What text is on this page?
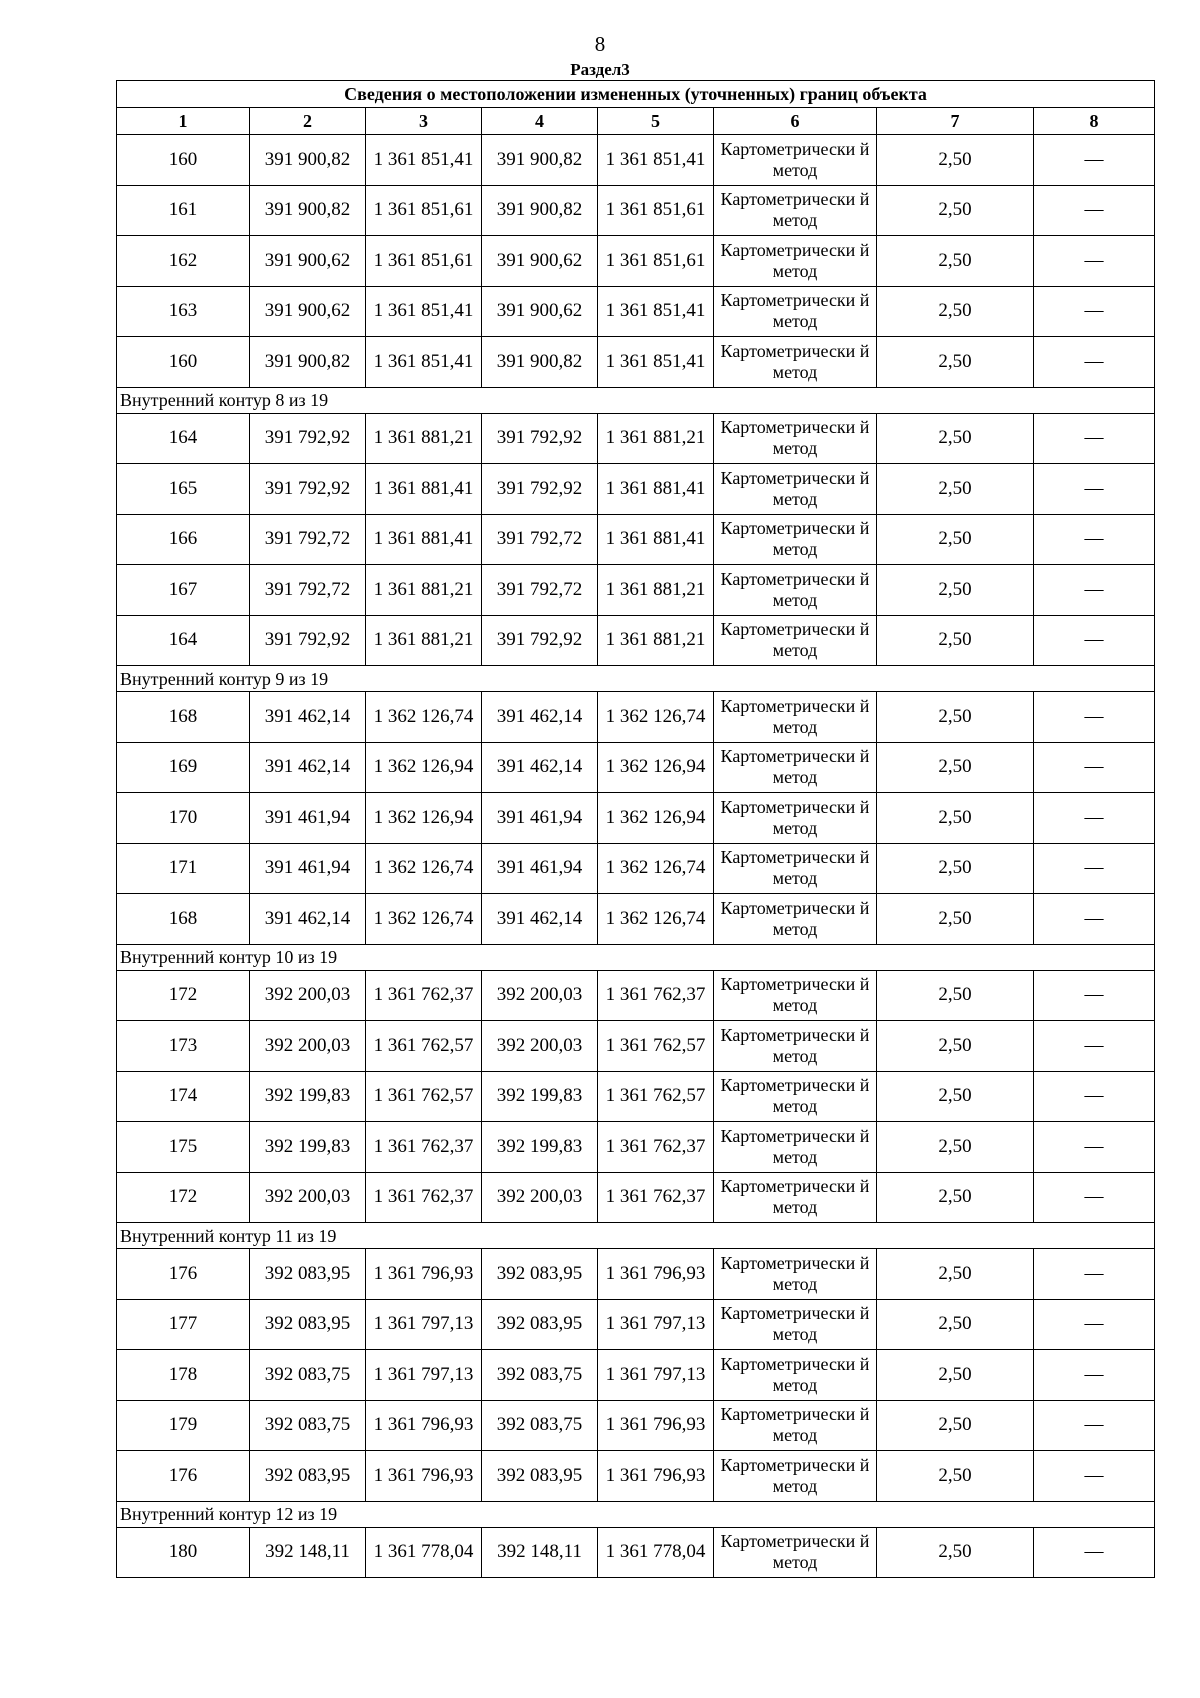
8
Раздел3
Сведения о местоположении измененных (уточненных) границ объекта							
1	2	3	4	5	6	7	8
160	391 900,82	1 361 851,41	391 900,82	1 361 851,41	Картометрически й метод	2,50	—
161	391 900,82	1 361 851,61	391 900,82	1 361 851,61	Картометрически й метод	2,50	—
162	391 900,62	1 361 851,61	391 900,62	1 361 851,61	Картометрически й метод	2,50	—
163	391 900,62	1 361 851,41	391 900,62	1 361 851,41	Картометрически й метод	2,50	—
160	391 900,82	1 361 851,41	391 900,82	1 361 851,41	Картометрически й метод	2,50	—
Внутренний контур 8 из 19							
164	391 792,92	1 361 881,21	391 792,92	1 361 881,21	Картометрически й метод	2,50	—
165	391 792,92	1 361 881,41	391 792,92	1 361 881,41	Картометрически й метод	2,50	—
166	391 792,72	1 361 881,41	391 792,72	1 361 881,41	Картометрически й метод	2,50	—
167	391 792,72	1 361 881,21	391 792,72	1 361 881,21	Картометрически й метод	2,50	—
164	391 792,92	1 361 881,21	391 792,92	1 361 881,21	Картометрически й метод	2,50	—
Внутренний контур 9 из 19							
168	391 462,14	1 362 126,74	391 462,14	1 362 126,74	Картометрически й метод	2,50	—
169	391 462,14	1 362 126,94	391 462,14	1 362 126,94	Картометрически й метод	2,50	—
170	391 461,94	1 362 126,94	391 461,94	1 362 126,94	Картометрически й метод	2,50	—
171	391 461,94	1 362 126,74	391 461,94	1 362 126,74	Картометрически й метод	2,50	—
168	391 462,14	1 362 126,74	391 462,14	1 362 126,74	Картометрически й метод	2,50	—
Внутренний контур 10 из 19							
172	392 200,03	1 361 762,37	392 200,03	1 361 762,37	Картометрически й метод	2,50	—
173	392 200,03	1 361 762,57	392 200,03	1 361 762,57	Картометрически й метод	2,50	—
174	392 199,83	1 361 762,57	392 199,83	1 361 762,57	Картометрически й метод	2,50	—
175	392 199,83	1 361 762,37	392 199,83	1 361 762,37	Картометрически й метод	2,50	—
172	392 200,03	1 361 762,37	392 200,03	1 361 762,37	Картометрически й метод	2,50	—
Внутренний контур 11 из 19							
176	392 083,95	1 361 796,93	392 083,95	1 361 796,93	Картометрически й метод	2,50	—
177	392 083,95	1 361 797,13	392 083,95	1 361 797,13	Картометрически й метод	2,50	—
178	392 083,75	1 361 797,13	392 083,75	1 361 797,13	Картометрически й метод	2,50	—
179	392 083,75	1 361 796,93	392 083,75	1 361 796,93	Картометрически й метод	2,50	—
176	392 083,95	1 361 796,93	392 083,95	1 361 796,93	Картометрически й метод	2,50	—
Внутренний контур 12 из 19							
180	392 148,11	1 361 778,04	392 148,11	1 361 778,04	Картометрически й метод	2,50	—
